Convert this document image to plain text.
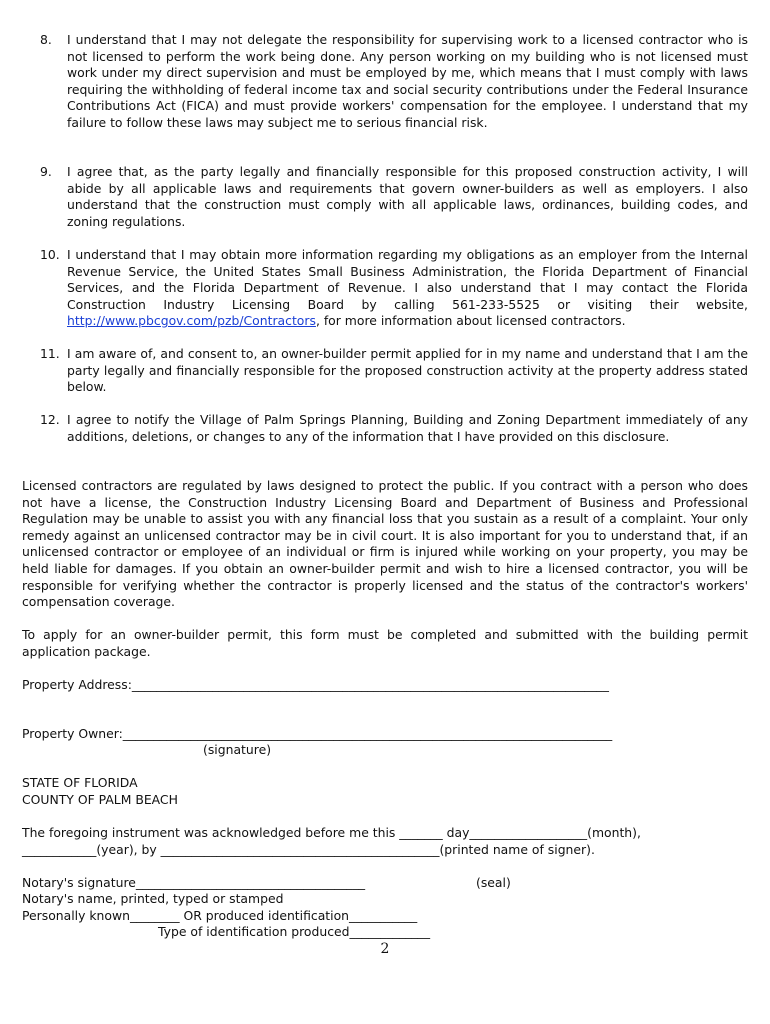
8. I understand that I may not delegate the responsibility for supervising work to a licensed contractor who is not licensed to perform the work being done. Any person working on my building who is not licensed must work under my direct supervision and must be employed by me, which means that I must comply with laws requiring the withholding of federal income tax and social security contributions under the Federal Insurance Contributions Act (FICA) and must provide workers' compensation for the employee. I understand that my failure to follow these laws may subject me to serious financial risk.
9. I agree that, as the party legally and financially responsible for this proposed construction activity, I will abide by all applicable laws and requirements that govern owner-builders as well as employers. I also understand that the construction must comply with all applicable laws, ordinances, building codes, and zoning regulations.
10. I understand that I may obtain more information regarding my obligations as an employer from the Internal Revenue Service, the United States Small Business Administration, the Florida Department of Financial Services, and the Florida Department of Revenue. I also understand that I may contact the Florida Construction Industry Licensing Board by calling 561-233-5525 or visiting their website, http://www.pbcgov.com/pzb/Contractors, for more information about licensed contractors.
11. I am aware of, and consent to, an owner-builder permit applied for in my name and understand that I am the party legally and financially responsible for the proposed construction activity at the property address stated below.
12. I agree to notify the Village of Palm Springs Planning, Building and Zoning Department immediately of any additions, deletions, or changes to any of the information that I have provided on this disclosure.
Licensed contractors are regulated by laws designed to protect the public. If you contract with a person who does not have a license, the Construction Industry Licensing Board and Department of Business and Professional Regulation may be unable to assist you with any financial loss that you sustain as a result of a complaint. Your only remedy against an unlicensed contractor may be in civil court. It is also important for you to understand that, if an unlicensed contractor or employee of an individual or firm is injured while working on your property, you may be held liable for damages. If you obtain an owner-builder permit and wish to hire a licensed contractor, you will be responsible for verifying whether the contractor is properly licensed and the status of the contractor's workers' compensation coverage.
To apply for an owner-builder permit, this form must be completed and submitted with the building permit application package.
Property Address:_____________________________________________________________________________
Property Owner:_______________________________________________________________________________
(signature)
STATE OF FLORIDA
COUNTY OF PALM BEACH
The foregoing instrument was acknowledged before me this _______ day___________________(month),
____________(year), by _____________________________________________(printed name of signer).
Notary's signature_____________________________________	(seal)
Notary's name, printed, typed or stamped
Personally known________ OR produced identification___________
Type of identification produced_____________
2
